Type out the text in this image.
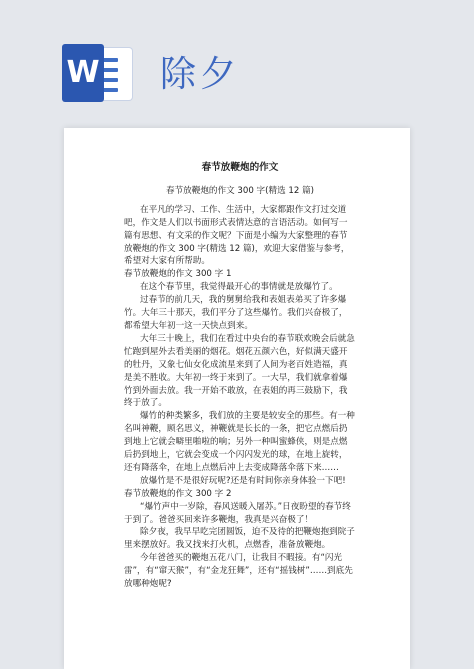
W 除夕

春节放鞭炮的作文

春节放鞭炮的作文 300 字(精选 12 篇)

在平凡的学习、工作、生活中，大家都跟作文打过交道吧，作文是人们以书面形式表情达意的言语活动。如何写一篇有思想、有文采的作文呢？下面是小编为大家整理的春节放鞭炮的作文 300 字(精选 12 篇)，欢迎大家借鉴与参考，希望对大家有所帮助。

春节放鞭炮的作文 300 字 1

在这个春节里，我觉得最开心的事情就是放爆竹了。

过春节的前几天，我的舅舅给我和表姐表弟买了许多爆竹。大年三十那天，我们平分了这些爆竹。我们兴奋极了，都希望大年初一这一天快点到来。

大年三十晚上，我们在看过中央台的春节联欢晚会后就急忙跑到屋外去看美丽的烟花。烟花五颜六色，好似满天盛开的牡丹，又象七仙女化成流星来到了人间为老百姓造福，真是美不胜收。大年初一终于来到了。一大早，我们就拿着爆竹到外面去放。我一开始不敢放，在表姐的再三鼓励下，我终于放了。

爆竹的种类繁多，我们放的主要是较安全的那些。有一种名叫神鞭，顾名思义，神鞭就是长长的一条，把它点燃后扔到地上它就会噼里啪啦的响；另外一种叫蜜蜂侠，则是点燃后扔到地上，它就会变成一个闪闪发光的球，在地上旋转，还有降落伞，在地上点燃后冲上去变成降落伞落下来……

放爆竹是不是很好玩呢?还是有时间你亲身体验一下吧!

春节放鞭炮的作文 300 字 2

“爆竹声中一岁除，春风送暖入屠苏。”日夜盼望的春节终于到了。爸爸买回来许多鞭炮，我真是兴奋极了！

除夕夜，我早早吃完团圆饭，迫不及待的把鞭炮抱到院子里来摆放好。我又找来打火机，点燃香，准备放鞭炮。

今年爸爸买的鞭炮五花八门，让我目不暇接。有“闪光雷”，有“窜天猴”，有“金龙狂舞”，还有“摇钱树”……到底先放哪种炮呢?
